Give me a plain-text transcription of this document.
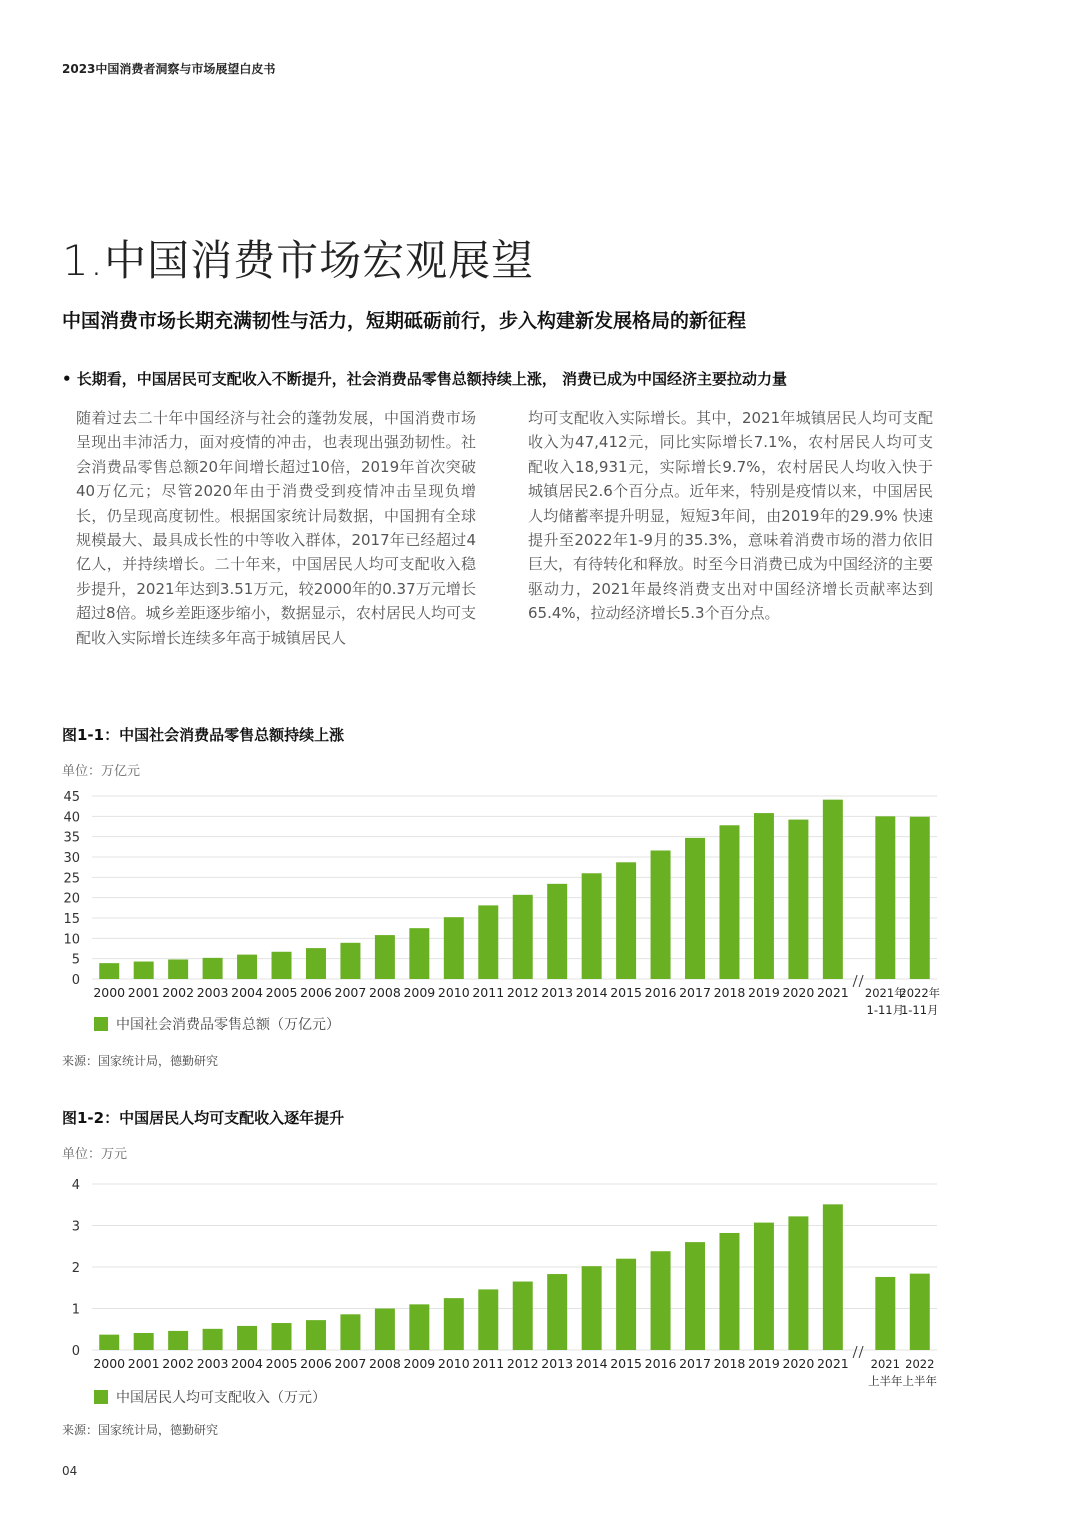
2023中国消费者洞察与市场展望白皮书
1.中国消费市场宏观展望
中国消费市场长期充满韧性与活力，短期砥砺前行，步入构建新发展格局的新征程
• 长期看，中国居民可支配收入不断提升，社会消费品零售总额持续上涨， 消费已成为中国经济主要拉动力量
随着过去二十年中国经济与社会的蓬勃发展，中国消费市场呈现出丰沛活力，面对疫情的冲击，也表现出强劲韧性。社会消费品零售总额20年间增长超过10倍，2019年首次突破40万亿元；尽管2020年由于消费受到疫情冲击呈现负增长，仍呈现高度韧性。根据国家统计局数据，中国拥有全球规模最大、最具成长性的中等收入群体，2017年已经超过4亿人，并持续增长。二十年来，中国居民人均可支配收入稳步提升，2021年达到3.51万元，较2000年的0.37万元增长超过8倍。城乡差距逐步缩小，数据显示，农村居民人均可支配收入实际增长连续多年高于城镇居民人
均可支配收入实际增长。其中，2021年城镇居民人均可支配收入为47,412元，同比实际增长7.1%，农村居民人均可支配收入18,931元，实际增长9.7%，农村居民人均收入快于城镇居民2.6个百分点。近年来，特别是疫情以来，中国居民人均储蓄率提升明显，短短3年间，由2019年的29.9% 快速提升至2022年1-9月的35.3%，意味着消费市场的潜力依旧巨大，有待转化和释放。时至今日消费已成为中国经济的主要驱动力，2021年最终消费支出对中国经济增长贡献率达到65.4%，拉动经济增长5.3个百分点。
图1-1：中国社会消费品零售总额持续上涨
单位：万亿元
0
5
10
15
20
25
30
35
40
45
2000 2001 2002 2003 2004 2005 2006 2007 2008 2009 2010 2011 2012 2013 2014 2015 2016 2017 2018 2019 2020 2021 2021年 1-11月
2022年 1-11月
中国社会消费品零售总额（万亿元）
来源：国家统计局，德勤研究
图1-2：中国居民人均可支配收入逐年提升
单位：万元
0
1
2
3
4
2000 2001 2002 2003 2004 2005 2006 2007 2008 2009 2010 2011 2012 2013 2014 2015 2016 2017 2018 2019 2020 2021 2021 上半年
2022 上半年
中国居民人均可支配收入（万元）
来源：国家统计局，德勤研究
04
